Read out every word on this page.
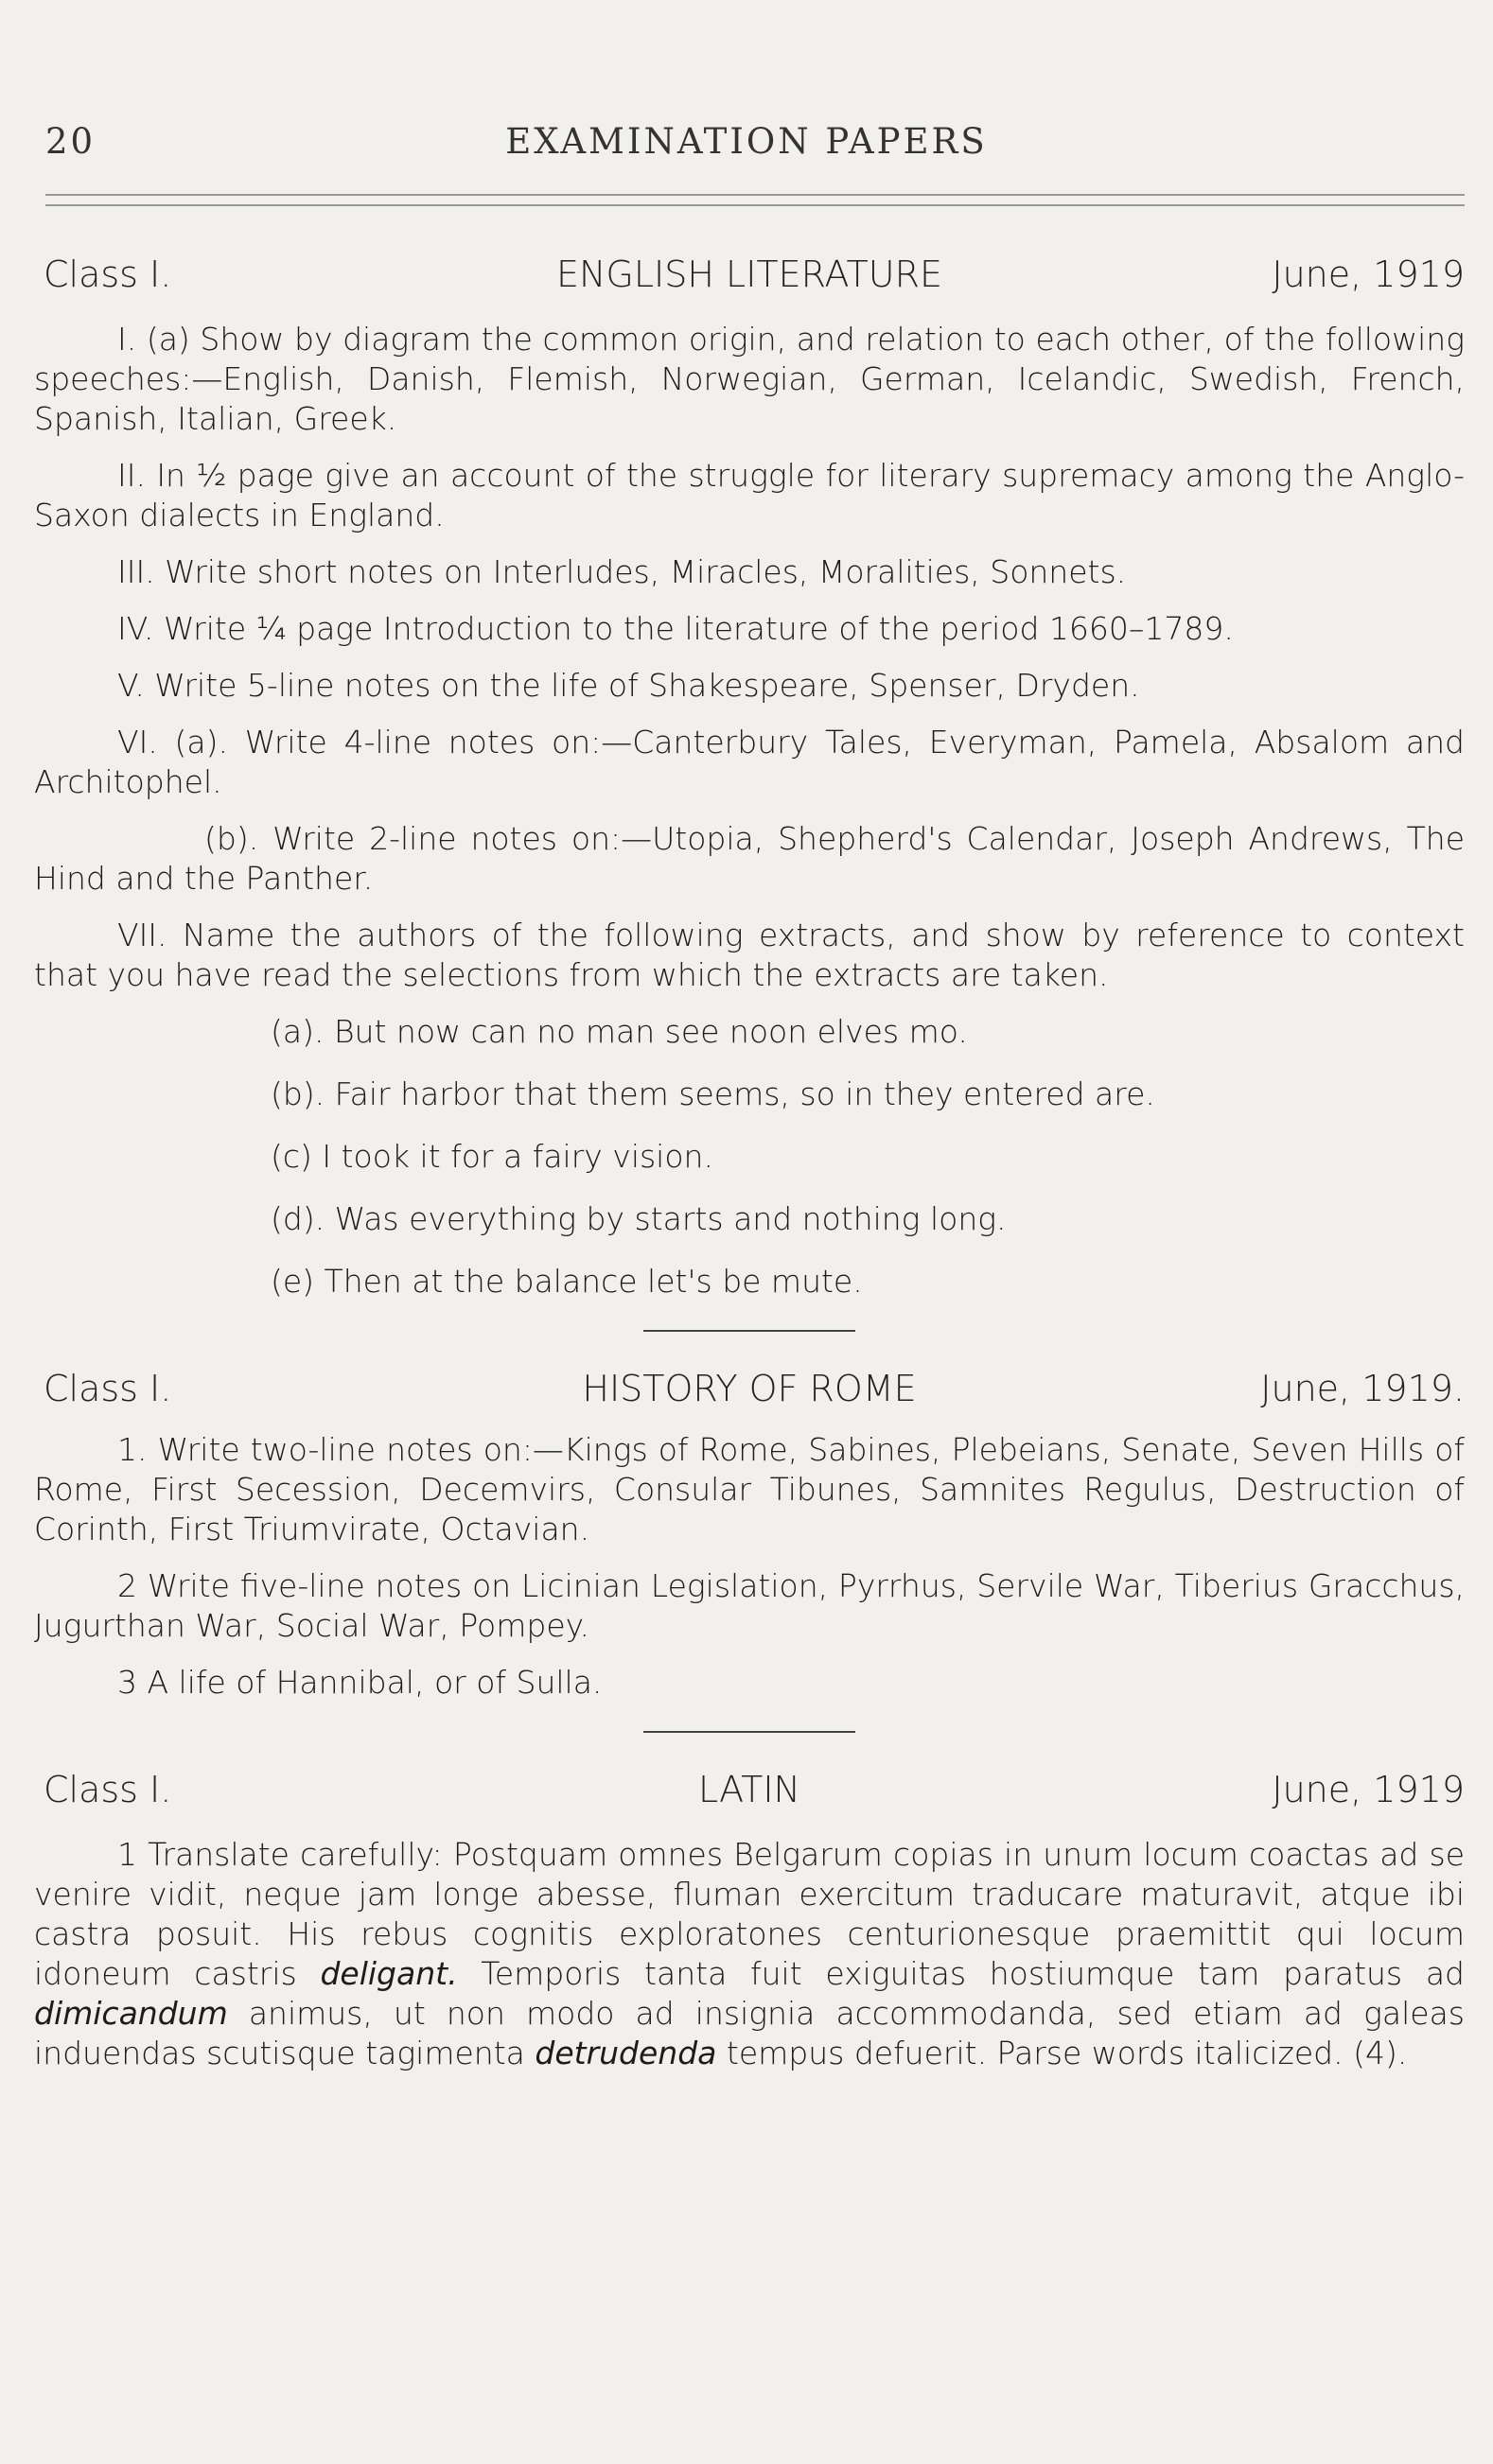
20	EXAMINATION PAPERS
Class I.	ENGLISH LITERATURE	June, 1919

I. (a) Show by diagram the common origin, and relation to each other, of the following speeches:—English, Danish, Flemish, Norwegian, German, Icelandic, Swedish, French, Spanish, Italian, Greek.

II. In ½ page give an account of the struggle for literary supremacy among the Anglo-Saxon dialects in England.

III. Write short notes on Interludes, Miracles, Moralities, Sonnets.

IV. Write ¼ page Introduction to the literature of the period 1660–1789.

V. Write 5-line notes on the life of Shakespeare, Spenser, Dryden.

VI. (a). Write 4-line notes on:—Canterbury Tales, Everyman, Pamela, Absalom and Architophel.

(b). Write 2-line notes on:—Utopia, Shepherd's Calendar, Joseph Andrews, The Hind and the Panther.

VII. Name the authors of the following extracts, and show by reference to context that you have read the selections from which the extracts are taken.

(a). But now can no man see noon elves mo.

(b). Fair harbor that them seems, so in they entered are.

(c) I took it for a fairy vision.

(d). Was everything by starts and nothing long.

(e) Then at the balance let's be mute.

Class I.	HISTORY OF ROME	June, 1919.

1. Write two-line notes on:—Kings of Rome, Sabines, Plebeians, Senate, Seven Hills of Rome, First Secession, Decemvirs, Consular Tibunes, Samnites Regulus, Destruction of Corinth, First Triumvirate, Octavian.

2 Write five-line notes on Licinian Legislation, Pyrrhus, Servile War, Tiberius Gracchus, Jugurthan War, Social War, Pompey.

3 A life of Hannibal, or of Sulla.

Class I.	LATIN	June, 1919

1 Translate carefully: Postquam omnes Belgarum copias in unum locum coactas ad se venire vidit, neque jam longe abesse, fluman exercitum traducare maturavit, atque ibi castra posuit. His rebus cognitis exploratones centurionesque praemittit qui locum idoneum castris deligant. Temporis tanta fuit exiguitas hostiumque tam paratus ad dimicandum animus, ut non modo ad insignia accommodanda, sed etiam ad galeas induendas scutisque tagimenta detrudenda tempus defuerit. Parse words italicized. (4).
